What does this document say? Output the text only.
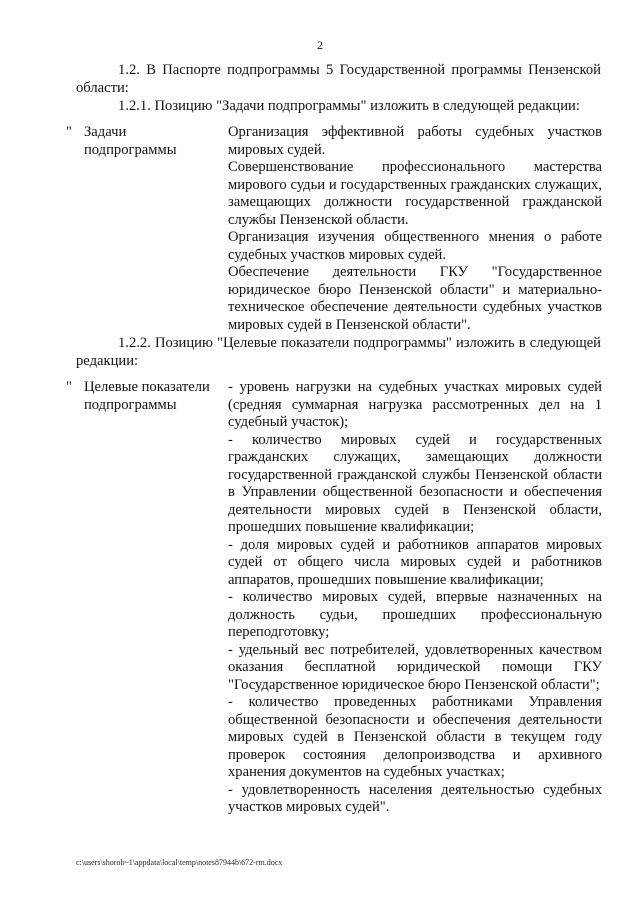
2
1.2. В Паспорте подпрограммы 5 Государственной программы Пензенской области:
1.2.1. Позицию "Задачи подпрограммы" изложить в следующей редакции:
" Задачи подпрограммы

Организация эффективной работы судебных участков мировых судей.

Совершенствование профессионального мастерства мирового судьи и государственных гражданских служащих, замещающих должности государственной гражданской службы Пензенской области.

Организация изучения общественного мнения о работе судебных участков мировых судей.

Обеспечение деятельности ГКУ "Государственное юридическое бюро Пензенской области" и материально-техническое обеспечение деятельности судебных участков мировых судей в Пензенской области".

1.2.2. Позицию "Целевые показатели подпрограммы" изложить в следующей редакции:
" Целевые показатели подпрограммы

- уровень нагрузки на судебных участках мировых судей (средняя суммарная нагрузка рассмотренных дел на 1 судебный участок);

- количество мировых судей и государственных гражданских служащих, замещающих должности государственной гражданской службы Пензенской области в Управлении общественной безопасности и обеспечения деятельности мировых судей в Пензенской области, прошедших повышение квалификации;

- доля мировых судей и работников аппаратов мировых судей от общего числа мировых судей и работников аппаратов, прошедших повышение квалификации;

- количество мировых судей, впервые назначенных на должность судьи, прошедших профессиональную переподготовку;

- удельный вес потребителей, удовлетворенных качеством оказания бесплатной юридической помощи ГКУ "Государственное юридическое бюро Пензенской области";

- количество проведенных работниками Управления общественной безопасности и обеспечения деятельности мировых судей в Пензенской области в текущем году проверок состояния делопроизводства и архивного хранения документов на судебных участках;

- удовлетворенность населения деятельностью судебных участков мировых судей".

c:\users\shorob~1\appdata\local\temp\notes87944b\672-rm.docx
